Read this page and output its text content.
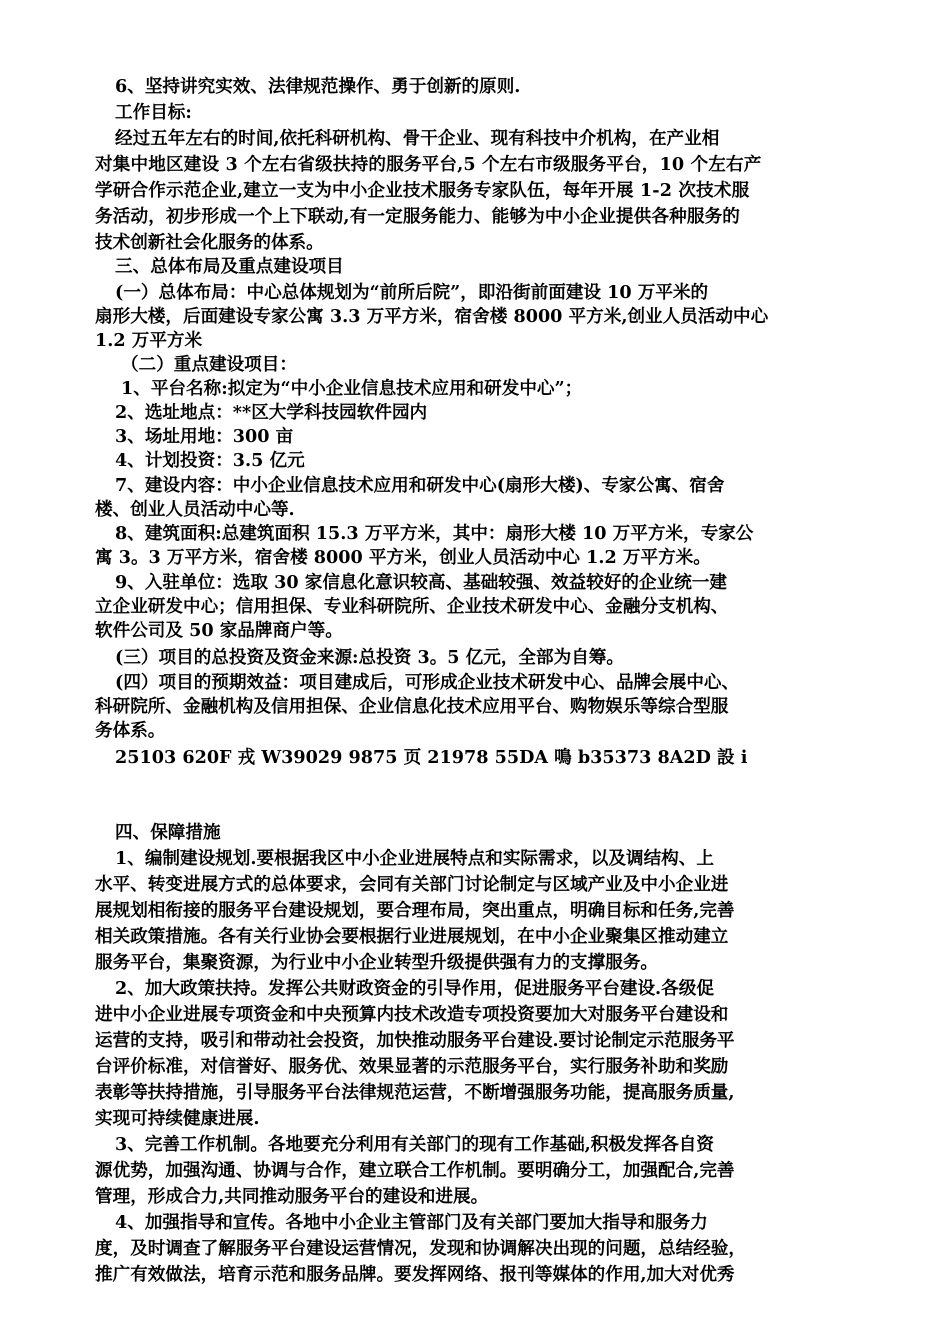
6、坚持讲究实效、法律规范操作、勇于创新的原则.

工作目标:

经过五年左右的时间,依托科研机构、骨干企业、现有科技中介机构，在产业相

对集中地区建设 3 个左右省级扶持的服务平台,5 个左右市级服务平台，10 个左右产

学研合作示范企业,建立一支为中小企业技术服务专家队伍，每年开展 1-2 次技术服

务活动，初步形成一个上下联动,有一定服务能力、能够为中小企业提供各种服务的

技术创新社会化服务的体系。

三、总体布局及重点建设项目

(一）总体布局：中心总体规划为“前所后院”，即沿街前面建设 10 万平米的

扇形大楼，后面建设专家公寓 3.3 万平方米，宿舍楼 8000 平方米,创业人员活动中心

1.2 万平方米

（二）重点建设项目：

1、平台名称:拟定为“中小企业信息技术应用和研发中心”；

2、选址地点：**区大学科技园软件园内

3、场址用地：300 亩

4、计划投资：3.5 亿元

7、建设内容：中小企业信息技术应用和研发中心(扇形大楼)、专家公寓、宿舍

楼、创业人员活动中心等.

8、建筑面积:总建筑面积 15.3 万平方米，其中：扇形大楼 10 万平方米，专家公

寓 3。3 万平方米，宿舍楼 8000 平方米，创业人员活动中心 1.2 万平方米。

9、入驻单位：选取 30 家信息化意识较高、基础较强、效益较好的企业统一建

立企业研发中心；信用担保、专业科研院所、企业技术研发中心、金融分支机构、

软件公司及 50 家品牌商户等。

(三）项目的总投资及资金来源:总投资 3。5 亿元，全部为自筹。

(四）项目的预期效益：项目建成后，可形成企业技术研发中心、品牌会展中心、

科研院所、金融机构及信用担保、企业信息化技术应用平台、购物娱乐等综合型服

务体系。

25103 620F 戎 W39029 9875 页 21978 55DA 鳴 b35373 8A2D 設 i

四、保障措施

1、编制建设规划.要根据我区中小企业进展特点和实际需求，以及调结构、上

水平、转变进展方式的总体要求，会同有关部门讨论制定与区域产业及中小企业进

展规划相衔接的服务平台建设规划，要合理布局，突出重点，明确目标和任务,完善

相关政策措施。各有关行业协会要根据行业进展规划，在中小企业聚集区推动建立

服务平台，集聚资源，为行业中小企业转型升级提供强有力的支撑服务。

2、加大政策扶持。发挥公共财政资金的引导作用，促进服务平台建设.各级促

进中小企业进展专项资金和中央预算内技术改造专项投资要加大对服务平台建设和

运营的支持，吸引和带动社会投资，加快推动服务平台建设.要讨论制定示范服务平

台评价标准，对信誉好、服务优、效果显著的示范服务平台，实行服务补助和奖励

表彰等扶持措施，引导服务平台法律规范运营，不断增强服务功能，提高服务质量,

实现可持续健康进展.

3、完善工作机制。各地要充分利用有关部门的现有工作基础,积极发挥各自资

源优势，加强沟通、协调与合作，建立联合工作机制。要明确分工，加强配合,完善

管理，形成合力,共同推动服务平台的建设和进展。

4、加强指导和宣传。各地中小企业主管部门及有关部门要加大指导和服务力

度，及时调查了解服务平台建设运营情况，发现和协调解决出现的问题，总结经验，

推广有效做法，培育示范和服务品牌。要发挥网络、报刊等媒体的作用,加大对优秀
